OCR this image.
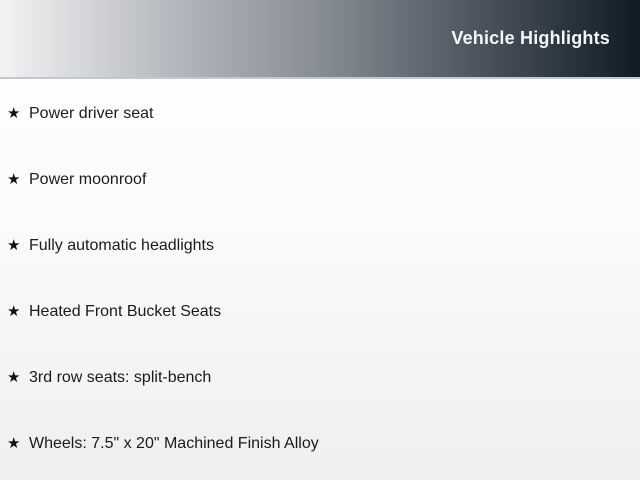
Vehicle Highlights
★ Power driver seat
★ Power moonroof
★ Fully automatic headlights
★ Heated Front Bucket Seats
★ 3rd row seats: split-bench
★ Wheels: 7.5" x 20" Machined Finish Alloy
